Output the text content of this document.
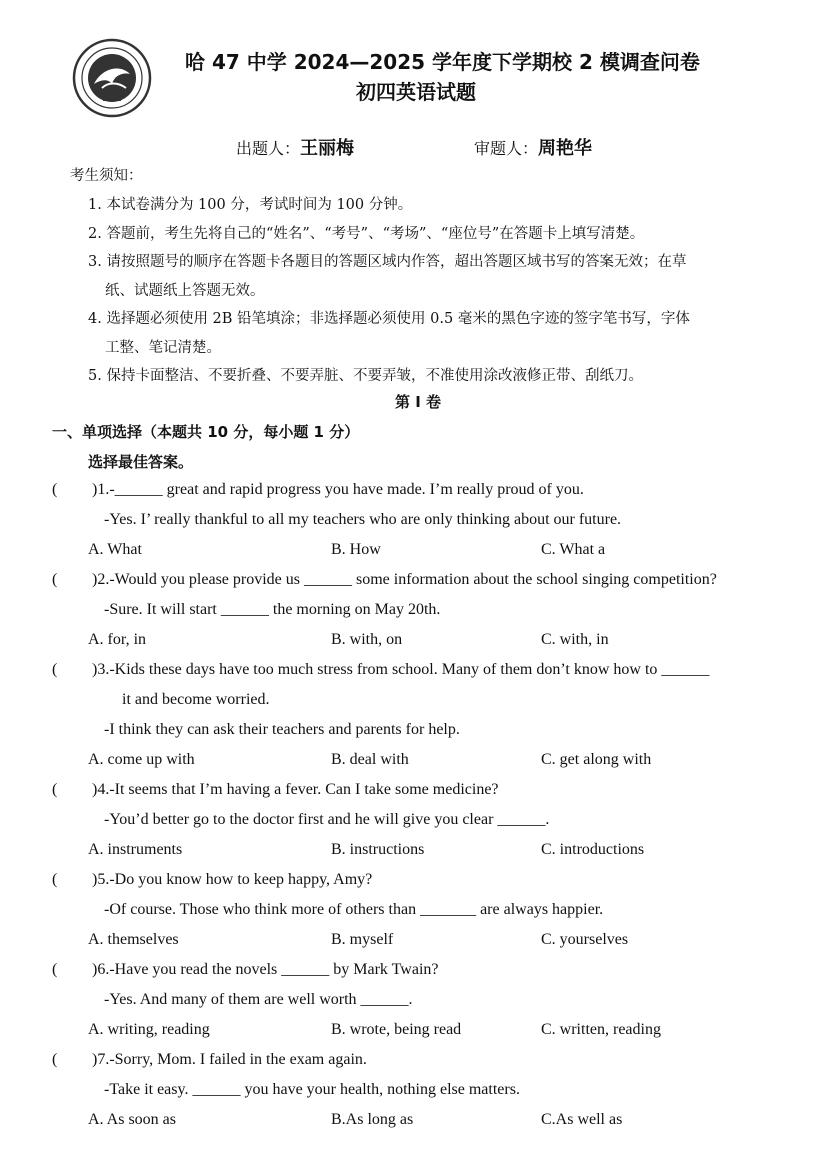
哈 47 中学 2024—2025 学年度下学期校 2 模调查问卷
初四英语试题
出题人：王丽梅	审题人：周艳华
考生须知：
1. 本试卷满分为 100 分，考试时间为 100 分钟。
2. 答题前，考生先将自己的“姓名”、“考号”、“考场”、“座位号”在答题卡上填写清楚。
3. 请按照题号的顺序在答题卡各题目的答题区域内作答，超出答题区域书写的答案无效；在草
纸、试题纸上答题无效。
4. 选择题必须使用 2B 铅笔填涂；非选择题必须使用 0.5 毫米的黑色字迹的签字笔书写，字体
工整、笔记清楚。
5. 保持卡面整洁、不要折叠、不要弄脏、不要弄皱，不准使用涂改液修正带、刮纸刀。
第 I 卷
一、单项选择（本题共 10 分，每小题 1 分）
选择最佳答案。
( )1.-______ great and rapid progress you have made. I’m really proud of you.
-Yes. I’ really thankful to all my teachers who are only thinking about our future.
A. What	B. How	C. What a
( )2.-Would you please provide us ______ some information about the school singing competition?
-Sure. It will start ______ the morning on May 20th.
A. for, in	B. with, on	C. with, in
( )3.-Kids these days have too much stress from school. Many of them don’t know how to ______
it and become worried.
-I think they can ask their teachers and parents for help.
A. come up with	B. deal with	C. get along with
( )4.-It seems that I’m having a fever. Can I take some medicine?
-You’d better go to the doctor first and he will give you clear ______.
A. instruments	B. instructions	C. introductions
( )5.-Do you know how to keep happy, Amy?
-Of course. Those who think more of others than _______ are always happier.
A. themselves	B. myself	C. yourselves
( )6.-Have you read the novels ______ by Mark Twain?
-Yes. And many of them are well worth ______.
A. writing, reading	B. wrote, being read	C. written, reading
( )7.-Sorry, Mom. I failed in the exam again.
-Take it easy. ______ you have your health, nothing else matters.
A. As soon as	B.As long as	C.As well as
